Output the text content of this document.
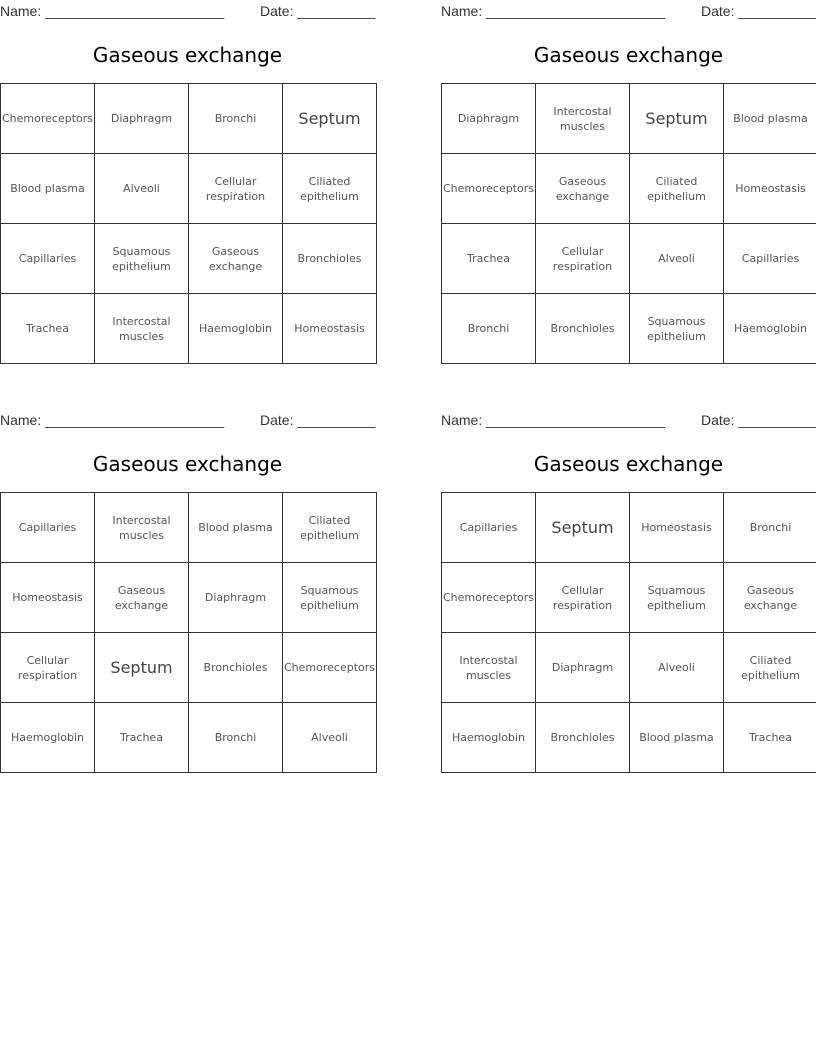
Name: _______________________	Date: __________
Gaseous exchange
Chemoreceptors	Diaphragm	Bronchi	Septum
Blood plasma	Alveoli	Cellular respiration	Ciliated epithelium
Capillaries	Squamous epithelium	Gaseous exchange	Bronchioles
Trachea	Intercostal muscles	Haemoglobin	Homeostasis
Name: _______________________	Date: __________
Gaseous exchange
Diaphragm	Intercostal muscles	Septum	Blood plasma
Chemoreceptors	Gaseous exchange	Ciliated epithelium	Homeostasis
Trachea	Cellular respiration	Alveoli	Capillaries
Bronchi	Bronchioles	Squamous epithelium	Haemoglobin
Name: _______________________	Date: __________
Gaseous exchange
Capillaries	Intercostal muscles	Blood plasma	Ciliated epithelium
Homeostasis	Gaseous exchange	Diaphragm	Squamous epithelium
Cellular respiration	Septum	Bronchioles	Chemoreceptors
Haemoglobin	Trachea	Bronchi	Alveoli
Name: _______________________	Date: __________
Gaseous exchange
Capillaries	Septum	Homeostasis	Bronchi
Chemoreceptors	Cellular respiration	Squamous epithelium	Gaseous exchange
Intercostal muscles	Diaphragm	Alveoli	Ciliated epithelium
Haemoglobin	Bronchioles	Blood plasma	Trachea
